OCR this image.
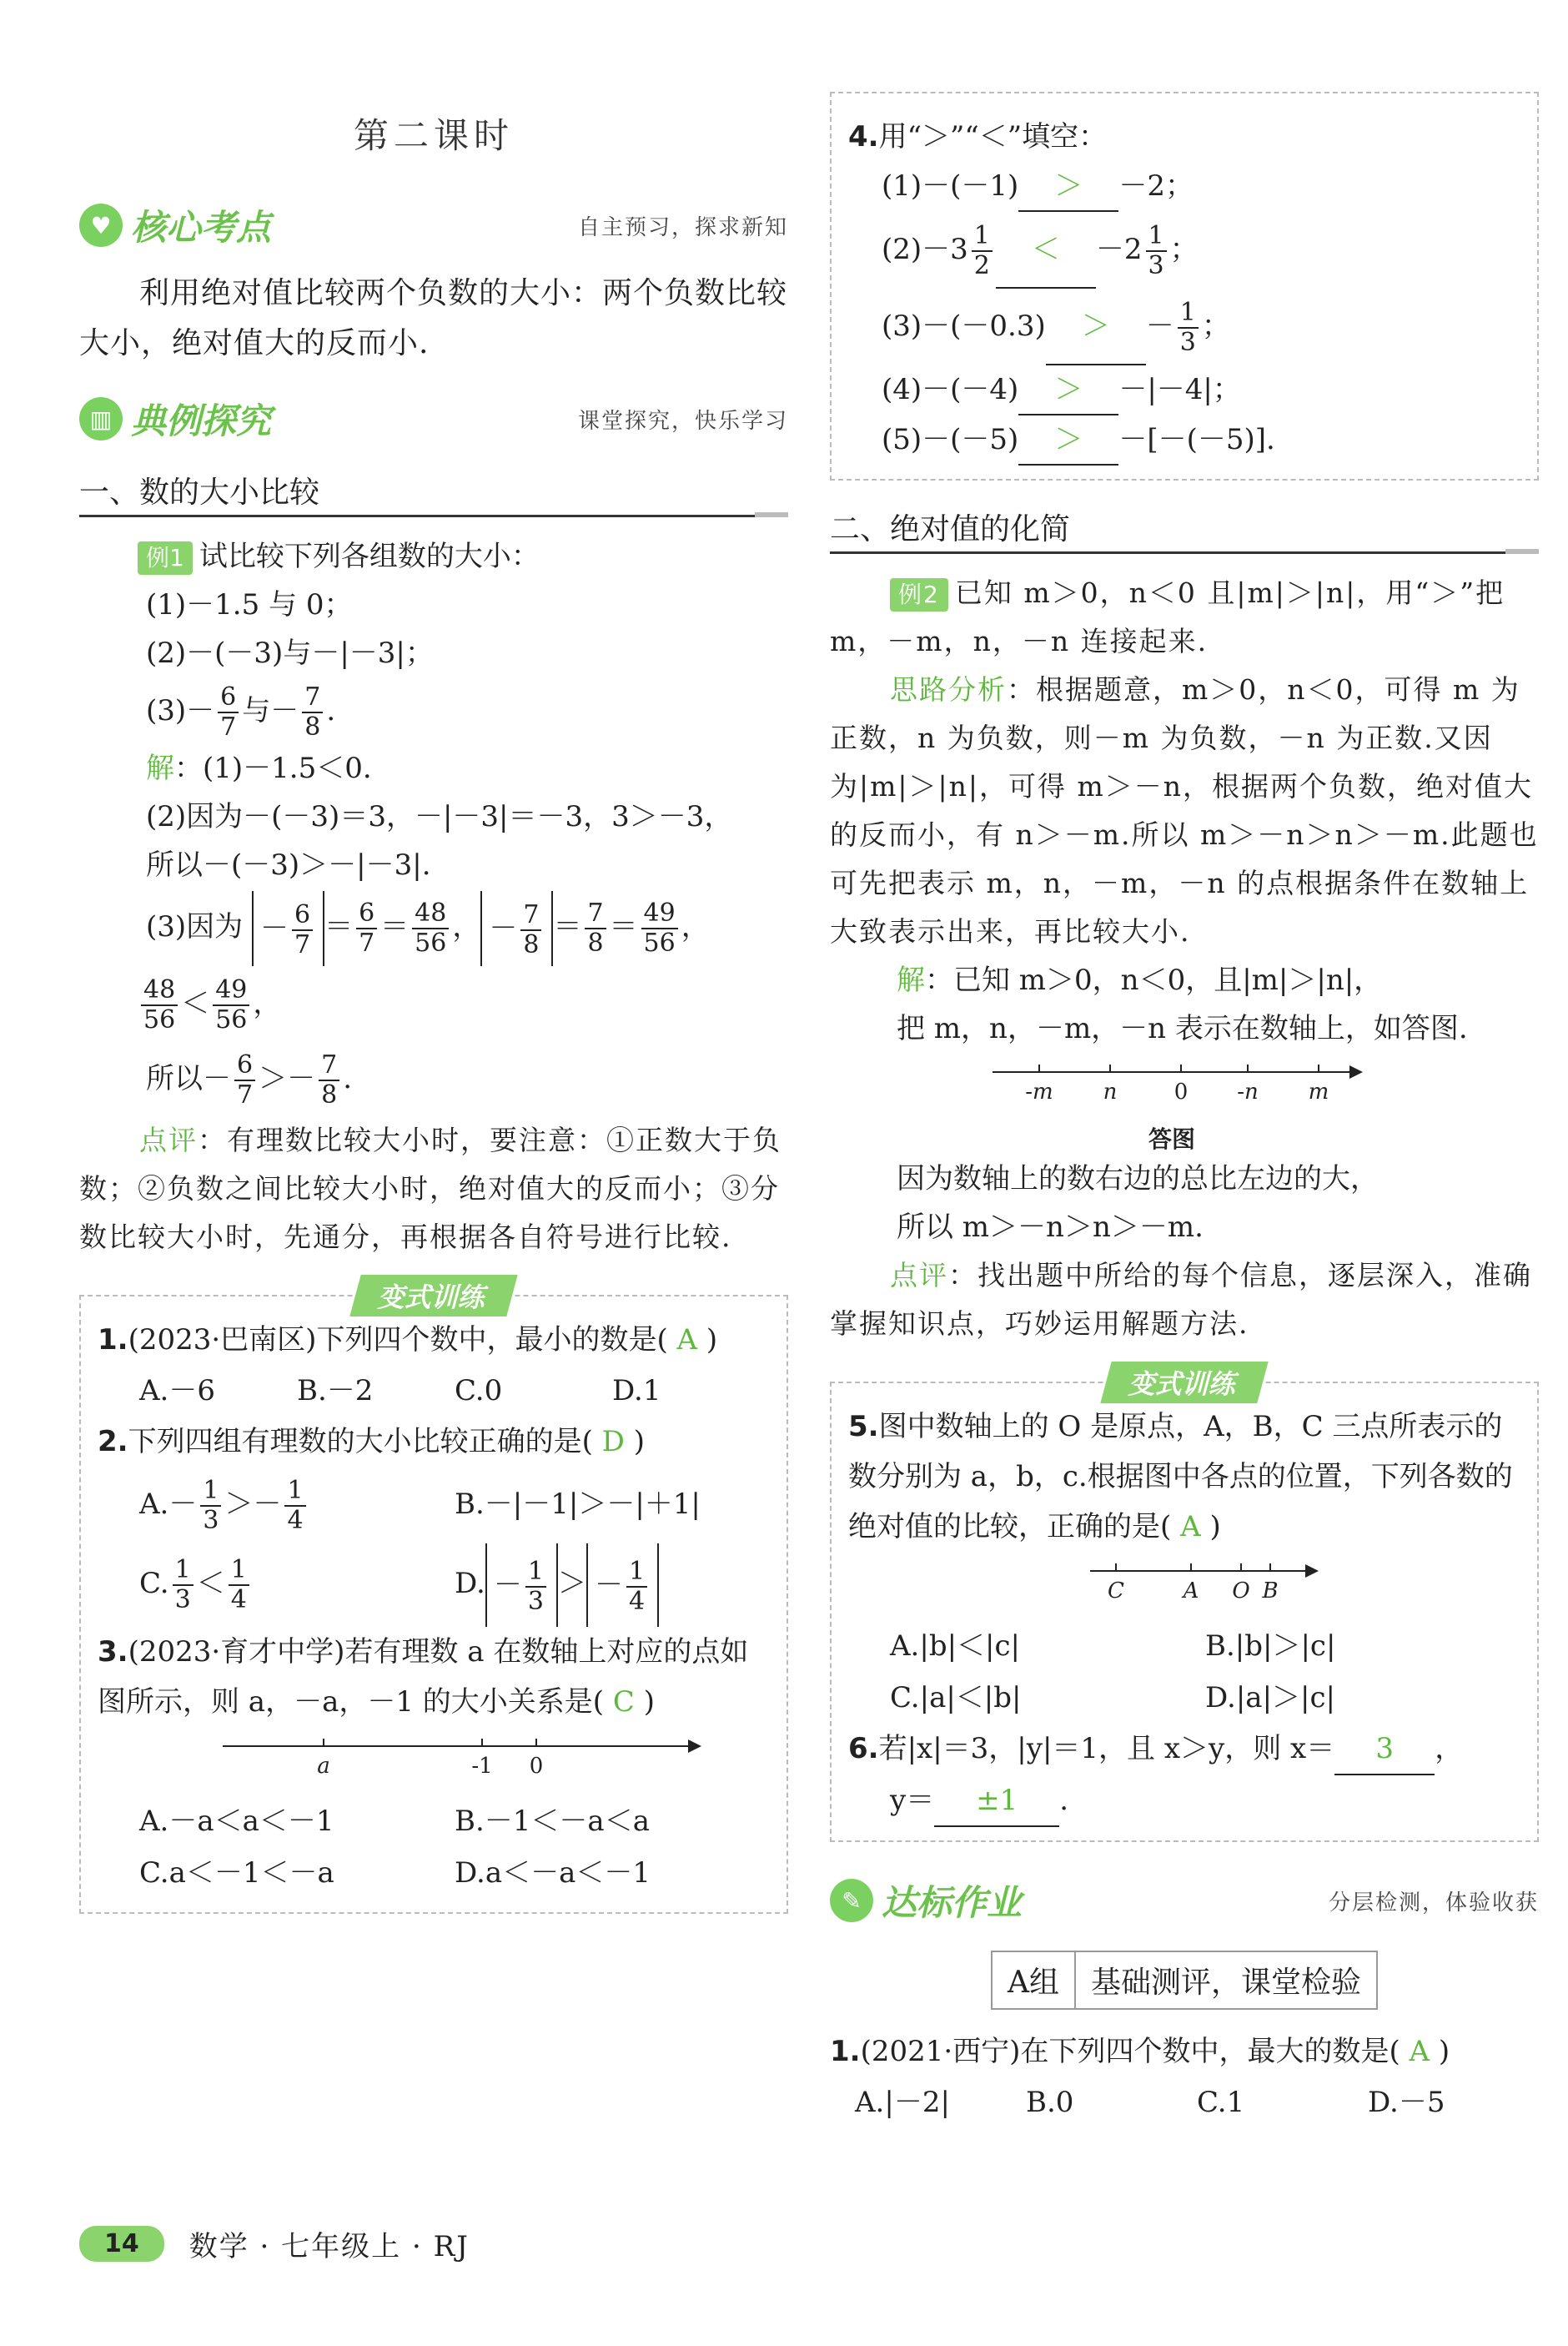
第二课时
♥ 核心考点	自主预习，探求新知

利用绝对值比较两个负数的大小：两个负数比较大小，绝对值大的反而小.

▥ 典例探究	课堂探究，快乐学习
一、数的大小比较
例1 试比较下列各组数的大小：
(1)－1.5 与 0；
(2)－(－3)与－|－3|；
$(3)- \frac{6}{7}$ 与－ $\frac{7}{8}$ .
解：(1)－1.5＜0.
(2)因为－(－3)＝3，－|－3|＝－3，3＞－3，
所以－(－3)＞－|－3|.
(3)因为 － $\frac{6}{7} = \frac{6}{7} = \frac{48}{56}$ ， － $\frac{7}{8} = \frac{7}{8} = \frac{49}{56}$ ，
$\frac{48}{56} < \frac{49}{56}$ ，
所以－ $\frac{6}{7} >- \frac{7}{8}$ .
点评：有理数比较大小时，要注意：①正数大于负数；②负数之间比较大小时，绝对值大的反而小；③分数比较大小时，先通分，再根据各自符号进行比较.
变式训练
1.(2023·巴南区)下列四个数中，最小的数是( A )
A.－6	B.－2	C.0	D.1
2.下列四组有理数的大小比较正确的是( D )
$A.- \frac{1}{3} >- \frac{1}{4}$	B.－|－1|＞－|＋1|
C. $\frac{1}{3} < \frac{1}{4}$	D. － $\frac{1}{3}$ ＞ － $\frac{1}{4}$
3.(2023·育才中学)若有理数 a 在数轴上对应的点如图所示，则 a，－a，－1 的大小关系是( C )
a	-1 0
A.－a＜a＜－1	B.－1＜－a＜a
C.a＜－1＜－a	D.a＜－a＜－1
4.用“＞”“＜”填空：
(1)－(－1) ＞ －2；
$(2)-3 \frac{1}{2} < -2 \frac{1}{3}$ ；
(3)－(－0.3) ＞ － $\frac{1}{3}$ ；
(4)－(－4) ＞ －|－4|；
(5)－(－5) ＞ －[－(－5)].
二、绝对值的化简
例2 已知 m＞0，n＜0 且|m|＞|n|，用“＞”把 m，－m，n，－n 连接起来.
思路分析：根据题意，m＞0，n＜0，可得 m 为正数，n 为负数，则－m 为负数，－n 为正数.又因为|m|＞|n|，可得 m＞－n，根据两个负数，绝对值大的反而小，有 n＞－m.所以 m＞－n＞n＞－m.此题也可先把表示 m，n，－m，－n 的点根据条件在数轴上大致表示出来，再比较大小.
解：已知 m＞0，n＜0，且|m|＞|n|，
把 m，n，－m，－n 表示在数轴上，如答图.
-m n	0 -n m
答图
因为数轴上的数右边的总比左边的大，
所以 m＞－n＞n＞－m.
点评：找出题中所给的每个信息，逐层深入，准确掌握知识点，巧妙运用解题方法.
变式训练
5.图中数轴上的 O 是原点，A，B，C 三点所表示的数分别为 a，b，c.根据图中各点的位置，下列各数的绝对值的比较，正确的是( A )
C	A O B
A.|b|＜|c|	B.|b|＞|c|
C.|a|＜|b|	D.|a|＞|c|
6.若|x|＝3，|y|＝1，且 x＞y，则 x＝ 3 ，
y＝ ±1 .
✎ 达标作业	分层检测，体验收获
A组	基础测评，课堂检验
1.(2021·西宁)在下列四个数中，最大的数是( A )
A.|－2|	B.0	C.1	D.－5
14	数学 · 七年级上 · RJ
